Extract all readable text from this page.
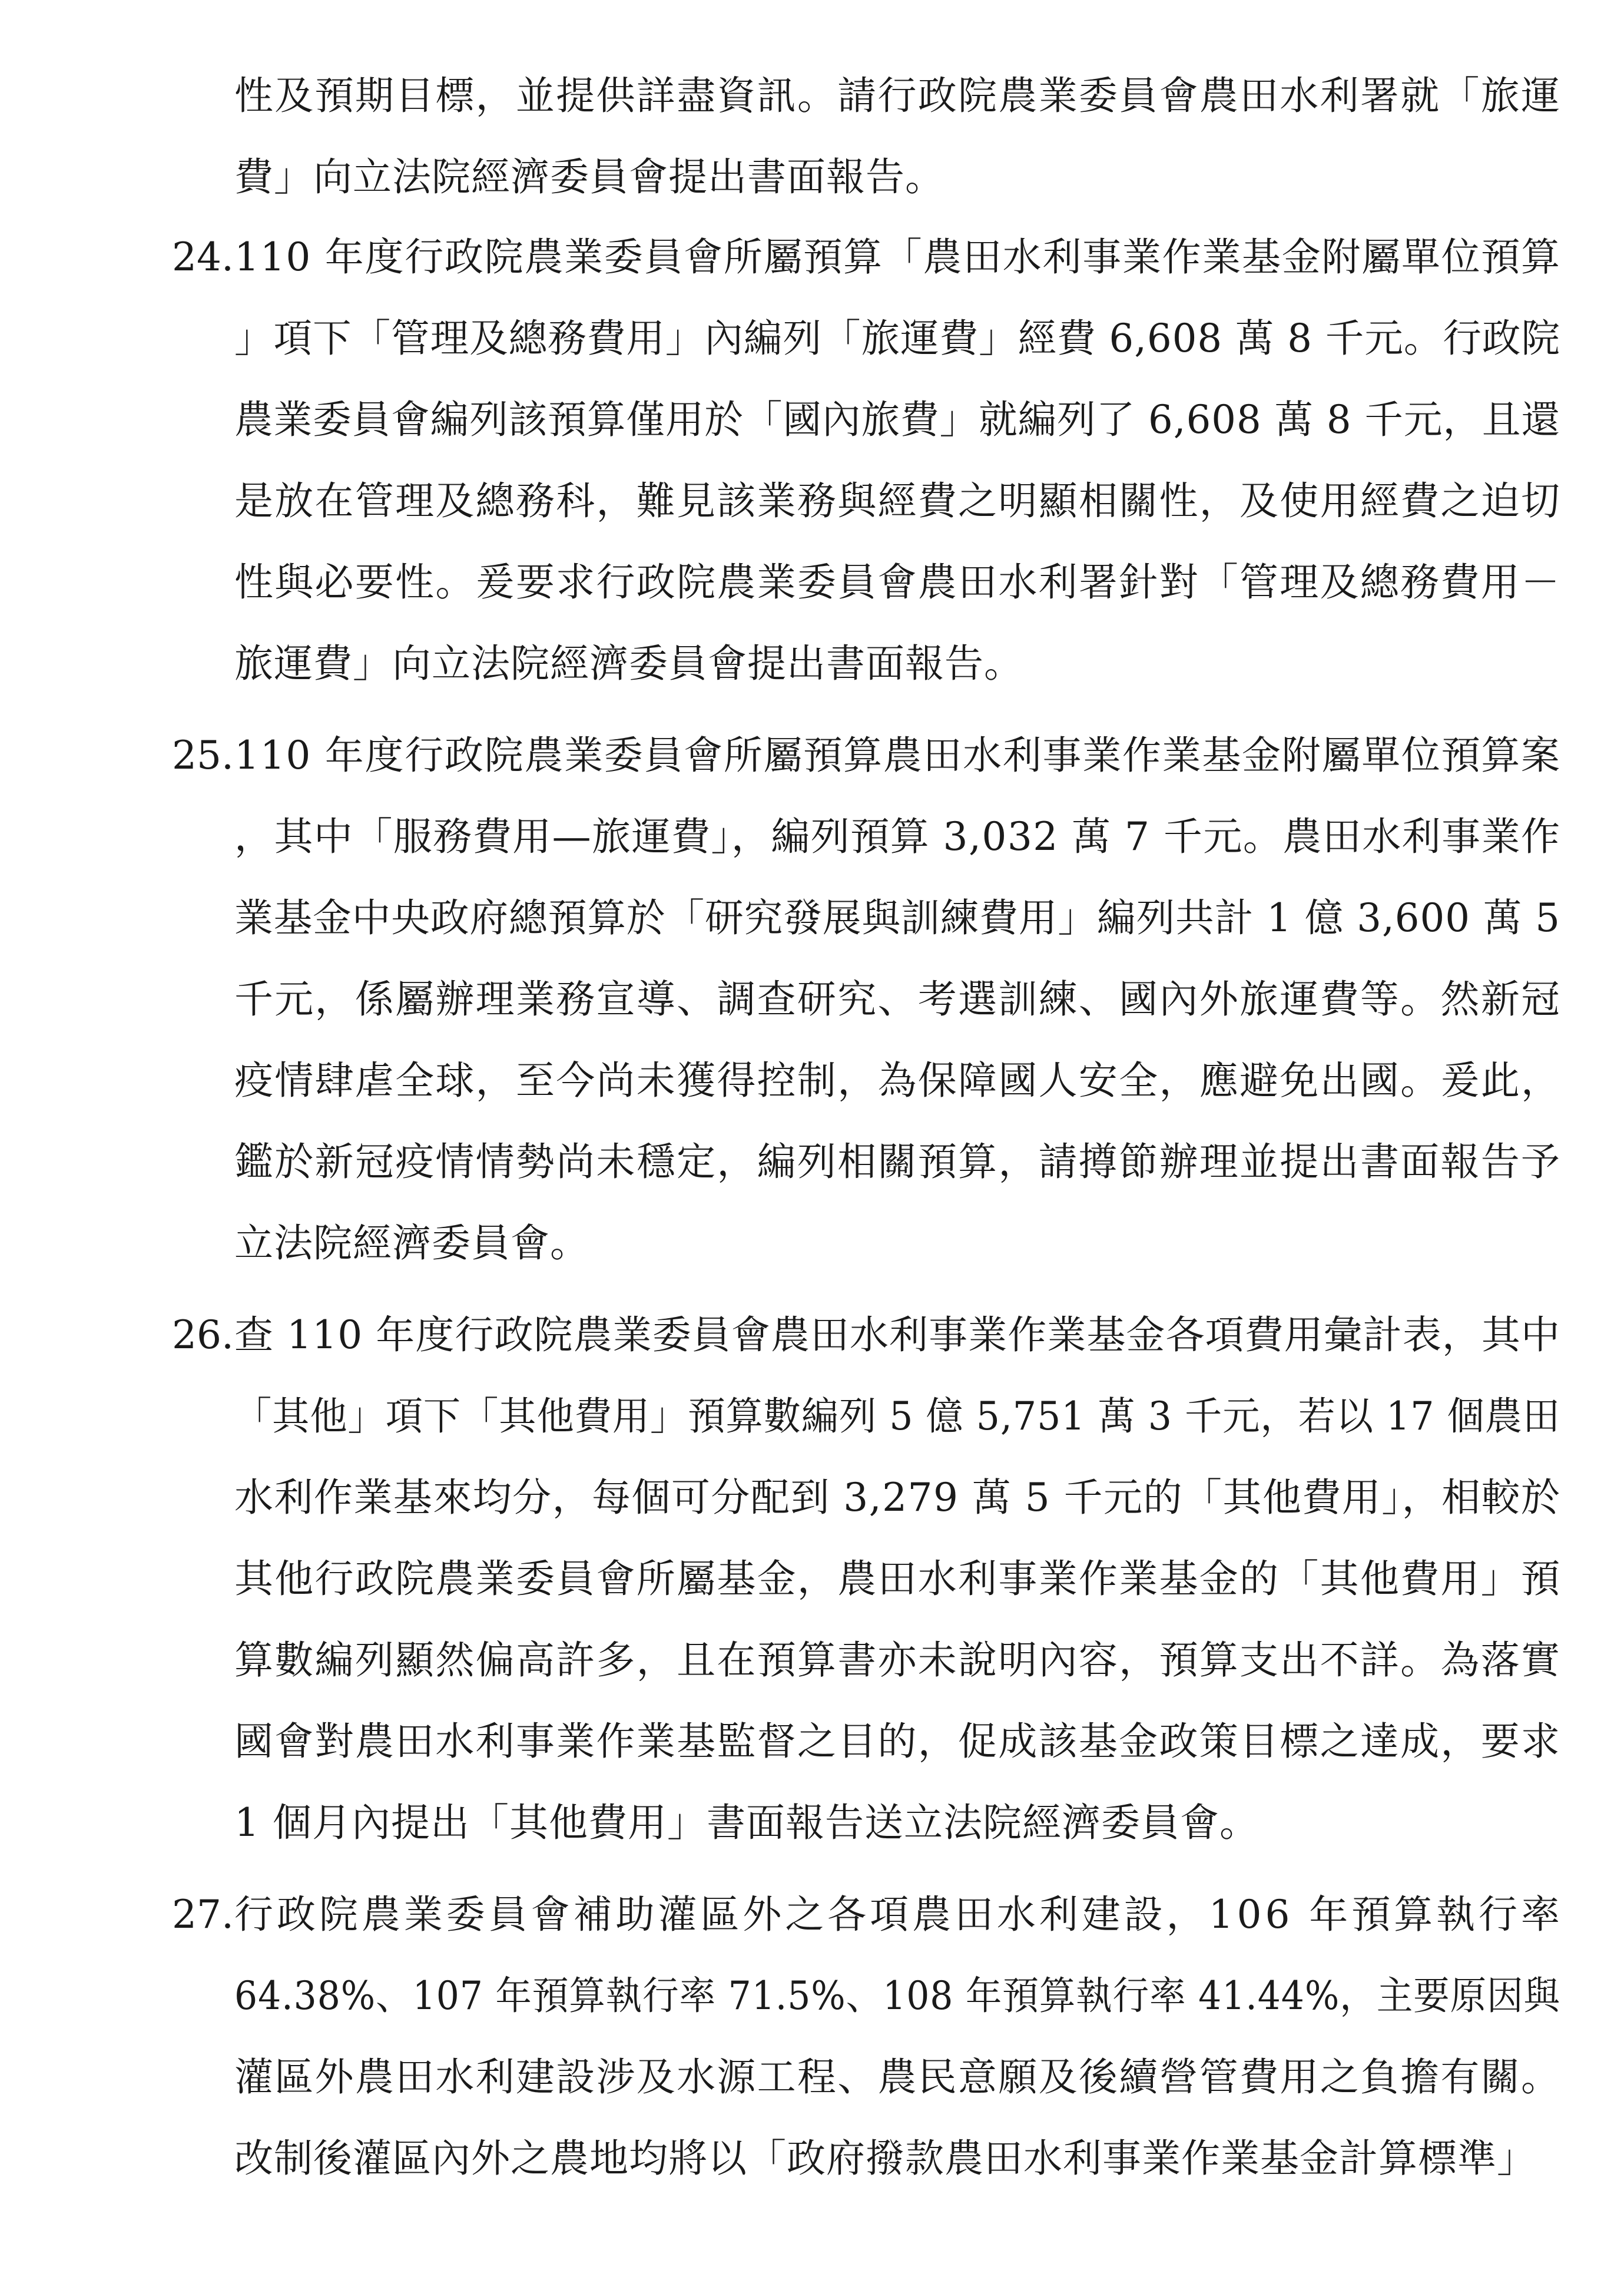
性及預期目標，並提供詳盡資訊。請行政院農業委員會農田水利署就「旅運
費」向立法院經濟委員會提出書面報告。
24. 110 年度行政院農業委員會所屬預算「農田水利事業作業基金附屬單位預算
」項下「管理及總務費用」內編列「旅運費」經費 6,608 萬 8 千元。行政院
農業委員會編列該預算僅用於「國內旅費」就編列了 6,608 萬 8 千元，且還
是放在管理及總務科，難見該業務與經費之明顯相關性，及使用經費之迫切
性與必要性。爰要求行政院農業委員會農田水利署針對「管理及總務費用－
旅運費」向立法院經濟委員會提出書面報告。
25. 110 年度行政院農業委員會所屬預算農田水利事業作業基金附屬單位預算案
，其中「服務費用—旅運費」，編列預算 3,032 萬 7 千元。農田水利事業作
業基金中央政府總預算於「研究發展與訓練費用」編列共計 1 億 3,600 萬 5
千元，係屬辦理業務宣導、調查研究、考選訓練、國內外旅運費等。然新冠
疫情肆虐全球，至今尚未獲得控制，為保障國人安全，應避免出國。爰此，
鑑於新冠疫情情勢尚未穩定，編列相關預算，請撙節辦理並提出書面報告予
立法院經濟委員會。
26. 查 110 年度行政院農業委員會農田水利事業作業基金各項費用彙計表，其中
「其他」項下「其他費用」預算數編列 5 億 5,751 萬 3 千元，若以 17 個農田
水利作業基來均分，每個可分配到 3,279 萬 5 千元的「其他費用」，相較於
其他行政院農業委員會所屬基金，農田水利事業作業基金的「其他費用」預
算數編列顯然偏高許多，且在預算書亦未說明內容，預算支出不詳。為落實
國會對農田水利事業作業基監督之目的，促成該基金政策目標之達成，要求
1 個月內提出「其他費用」書面報告送立法院經濟委員會。
27. 行政院農業委員會補助灌區外之各項農田水利建設，106 年預算執行率
64.38%、107 年預算執行率 71.5%、108 年預算執行率 41.44%，主要原因與
灌區外農田水利建設涉及水源工程、農民意願及後續營管費用之負擔有關。
改制後灌區內外之農地均將以「政府撥款農田水利事業作業基金計算標準」
